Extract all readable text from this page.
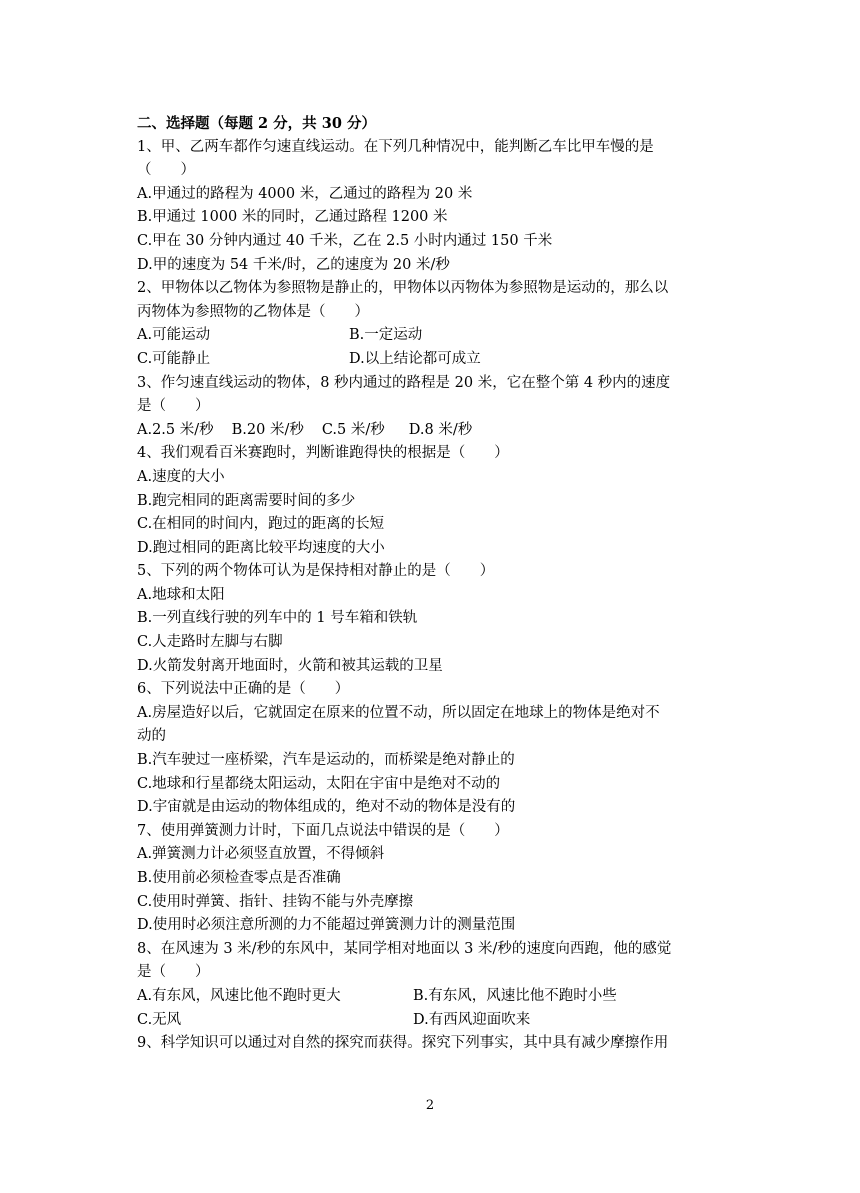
二、选择题（每题 2 分，共 30 分）
1、甲、乙两车都作匀速直线运动。在下列几种情况中，能判断乙车比甲车慢的是
（　　）
A.甲通过的路程为 4000 米，乙通过的路程为 20 米
B.甲通过 1000 米的同时，乙通过路程 1200 米
C.甲在 30 分钟内通过 40 千米，乙在 2.5 小时内通过 150 千米
D.甲的速度为 54 千米/时，乙的速度为 20 米/秒
2、甲物体以乙物体为参照物是静止的，甲物体以丙物体为参照物是运动的，那么以
丙物体为参照物的乙物体是（　　）
A.可能运动	B.一定运动
C.可能静止	D.以上结论都可成立
3、作匀速直线运动的物体，8 秒内通过的路程是 20 米，它在整个第 4 秒内的速度
是（　　）
A.2.5 米/秒 B.20 米/秒 C.5 米/秒 D.8 米/秒
4、我们观看百米赛跑时，判断谁跑得快的根据是（　　）
A.速度的大小
B.跑完相同的距离需要时间的多少
C.在相同的时间内，跑过的距离的长短
D.跑过相同的距离比较平均速度的大小
5、下列的两个物体可认为是保持相对静止的是（　　）
A.地球和太阳
B.一列直线行驶的列车中的 1 号车箱和铁轨
C.人走路时左脚与右脚
D.火箭发射离开地面时，火箭和被其运载的卫星
6、下列说法中正确的是（　　）
A.房屋造好以后，它就固定在原来的位置不动，所以固定在地球上的物体是绝对不
动的
B.汽车驶过一座桥梁，汽车是运动的，而桥梁是绝对静止的
C.地球和行星都绕太阳运动，太阳在宇宙中是绝对不动的
D.宇宙就是由运动的物体组成的，绝对不动的物体是没有的
7、使用弹簧测力计时，下面几点说法中错误的是（　　）
A.弹簧测力计必须竖直放置，不得倾斜
B.使用前必须检查零点是否准确
C.使用时弹簧、指针、挂钩不能与外壳摩擦
D.使用时必须注意所测的力不能超过弹簧测力计的测量范围
8、在风速为 3 米/秒的东风中，某同学相对地面以 3 米/秒的速度向西跑，他的感觉
是（　　）
A.有东风，风速比他不跑时更大	B.有东风，风速比他不跑时小些
C.无风	D.有西风迎面吹来
9、科学知识可以通过对自然的探究而获得。探究下列事实，其中具有减少摩擦作用
2
